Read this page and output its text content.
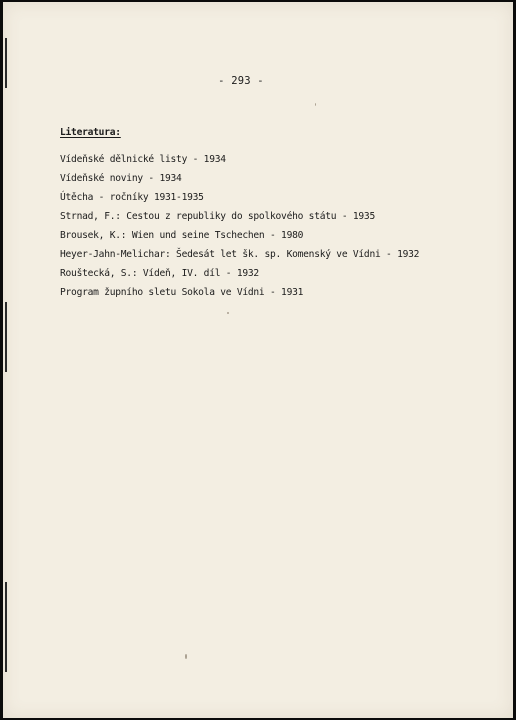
- 293 -
Literatura:
Vídeňské dělnické listy - 1934
Vídeňské noviny - 1934
Útěcha - ročníky 1931-1935
Strnad, F.: Cestou z republiky do spolkového státu - 1935
Brousek, K.: Wien und seine Tschechen - 1980
Heyer-Jahn-Melichar: Šedesát let šk. sp. Komenský ve Vídni - 1932
Rouštecká, S.: Vídeň, IV. díl - 1932
Program župního sletu Sokola ve Vídni - 1931
